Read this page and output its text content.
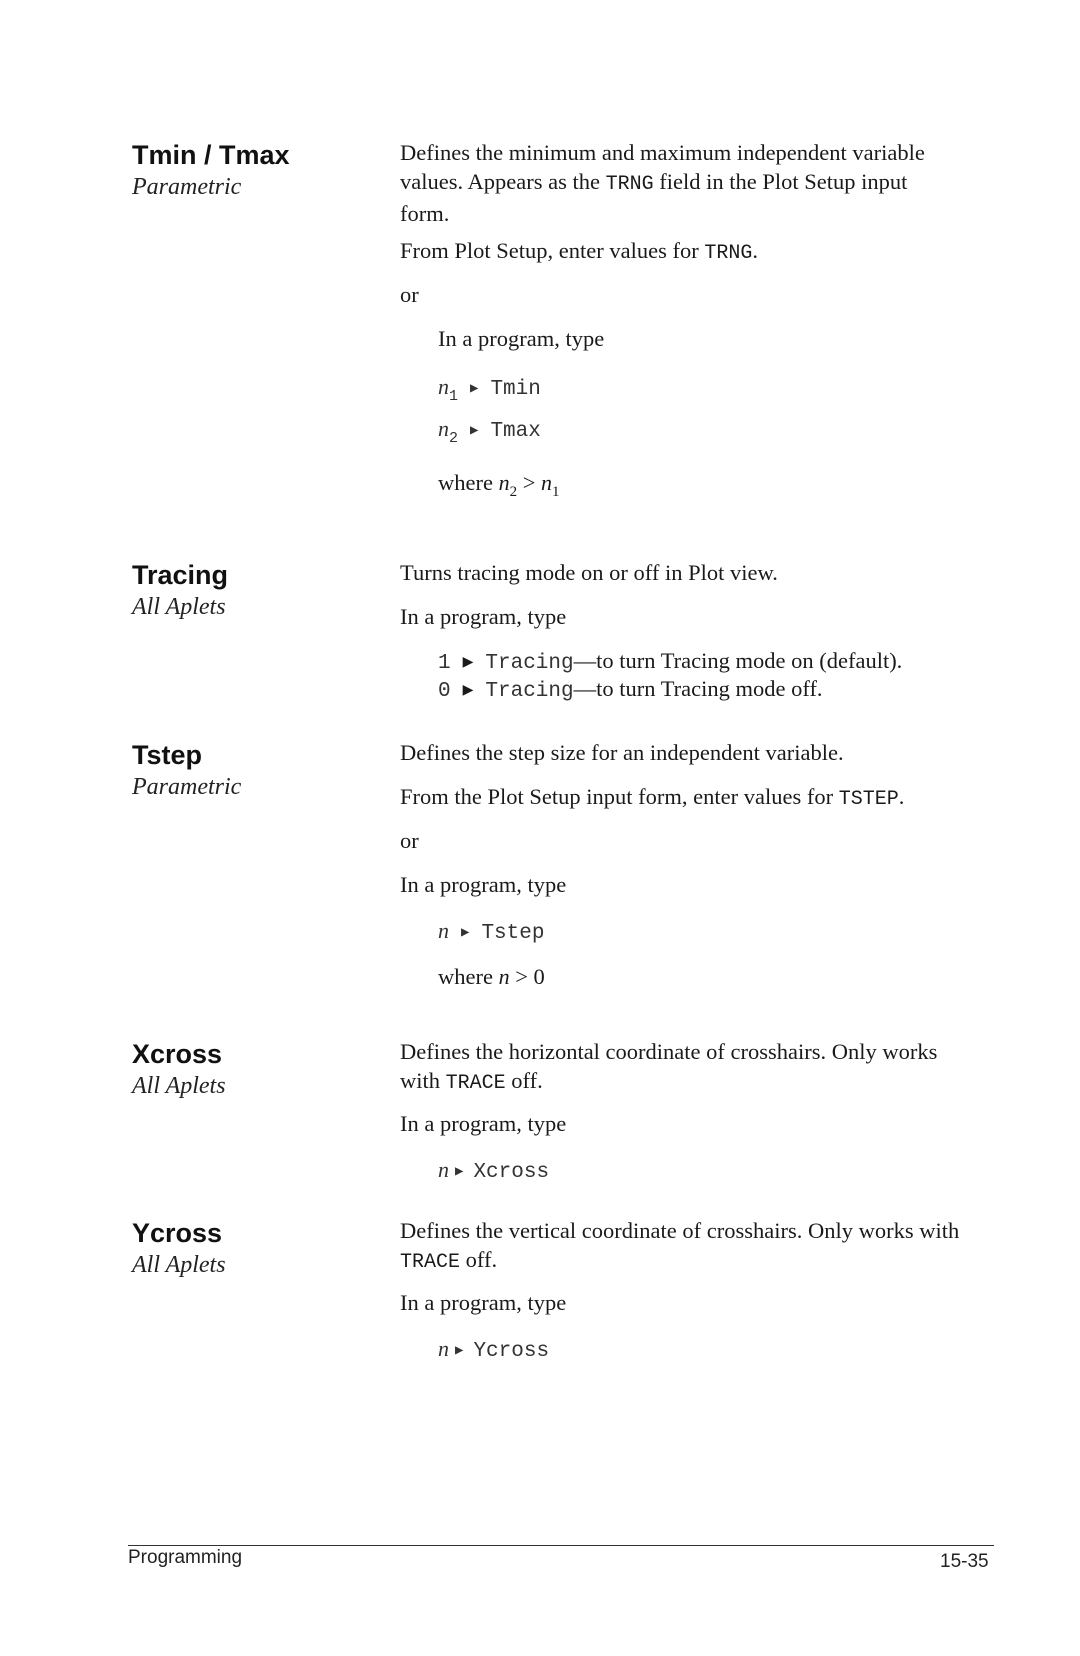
Tmin / Tmax
Parametric

Defines the minimum and maximum independent variable values. Appears as the TRNG field in the Plot Setup input form.

From Plot Setup, enter values for TRNG.

or

In a program, type

$n_1$ ▶ Tmin
$n_2$ ▶ Tmax

where $n_2 > n_1$

Tracing
All Aplets

Turns tracing mode on or off in Plot view.

In a program, type

1 ▶ Tracing—to turn Tracing mode on (default).
0 ▶ Tracing—to turn Tracing mode off.
Tstep
Parametric

Defines the step size for an independent variable.

From the Plot Setup input form, enter values for TSTEP.

or

In a program, type

n ▶ Tstep

where n > 0

Xcross
All Aplets

Defines the horizontal coordinate of crosshairs. Only works with TRACE off.

In a program, type

n ▶ Xcross
Ycross
All Aplets

Defines the vertical coordinate of crosshairs. Only works with TRACE off.

In a program, type

n ▶ Ycross
Programming	15-35
